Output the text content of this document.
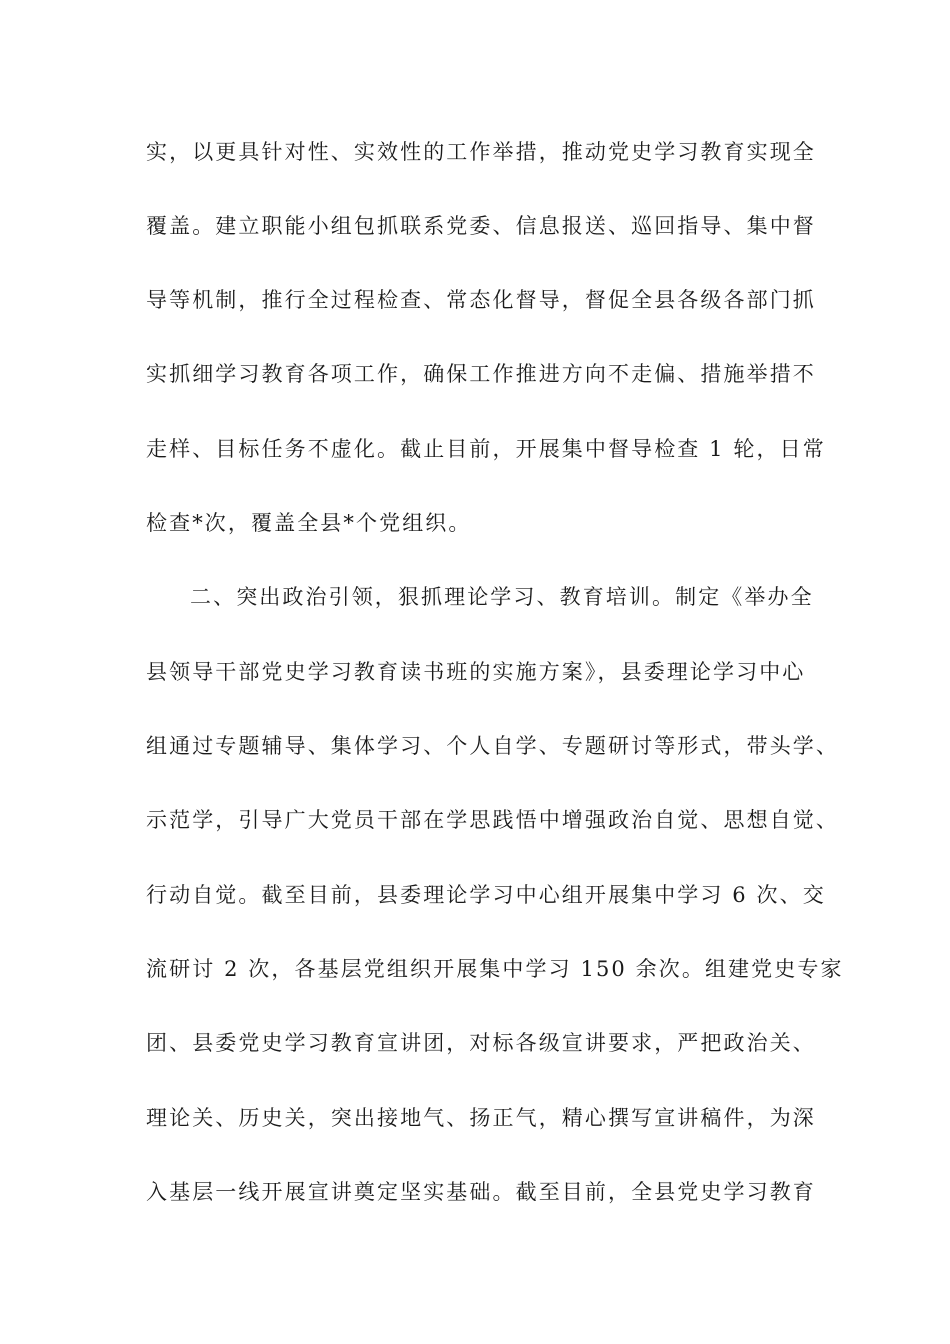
实，以更具针对性、实效性的工作举措，推动党史学习教育实现全
覆盖。建立职能小组包抓联系党委、信息报送、巡回指导、集中督
导等机制，推行全过程检查、常态化督导，督促全县各级各部门抓
实抓细学习教育各项工作，确保工作推进方向不走偏、措施举措不
走样、目标任务不虚化。截止目前，开展集中督导检查 1 轮，日常
检查*次，覆盖全县*个党组织。
二、突出政治引领，狠抓理论学习、教育培训。制定《举办全
县领导干部党史学习教育读书班的实施方案》，县委理论学习中心
组通过专题辅导、集体学习、个人自学、专题研讨等形式，带头学、
示范学，引导广大党员干部在学思践悟中增强政治自觉、思想自觉、
行动自觉。截至目前，县委理论学习中心组开展集中学习 6 次、交
流研讨 2 次，各基层党组织开展集中学习 150 余次。组建党史专家
团、县委党史学习教育宣讲团，对标各级宣讲要求，严把政治关、
理论关、历史关，突出接地气、扬正气，精心撰写宣讲稿件，为深
入基层一线开展宣讲奠定坚实基础。截至目前，全县党史学习教育
